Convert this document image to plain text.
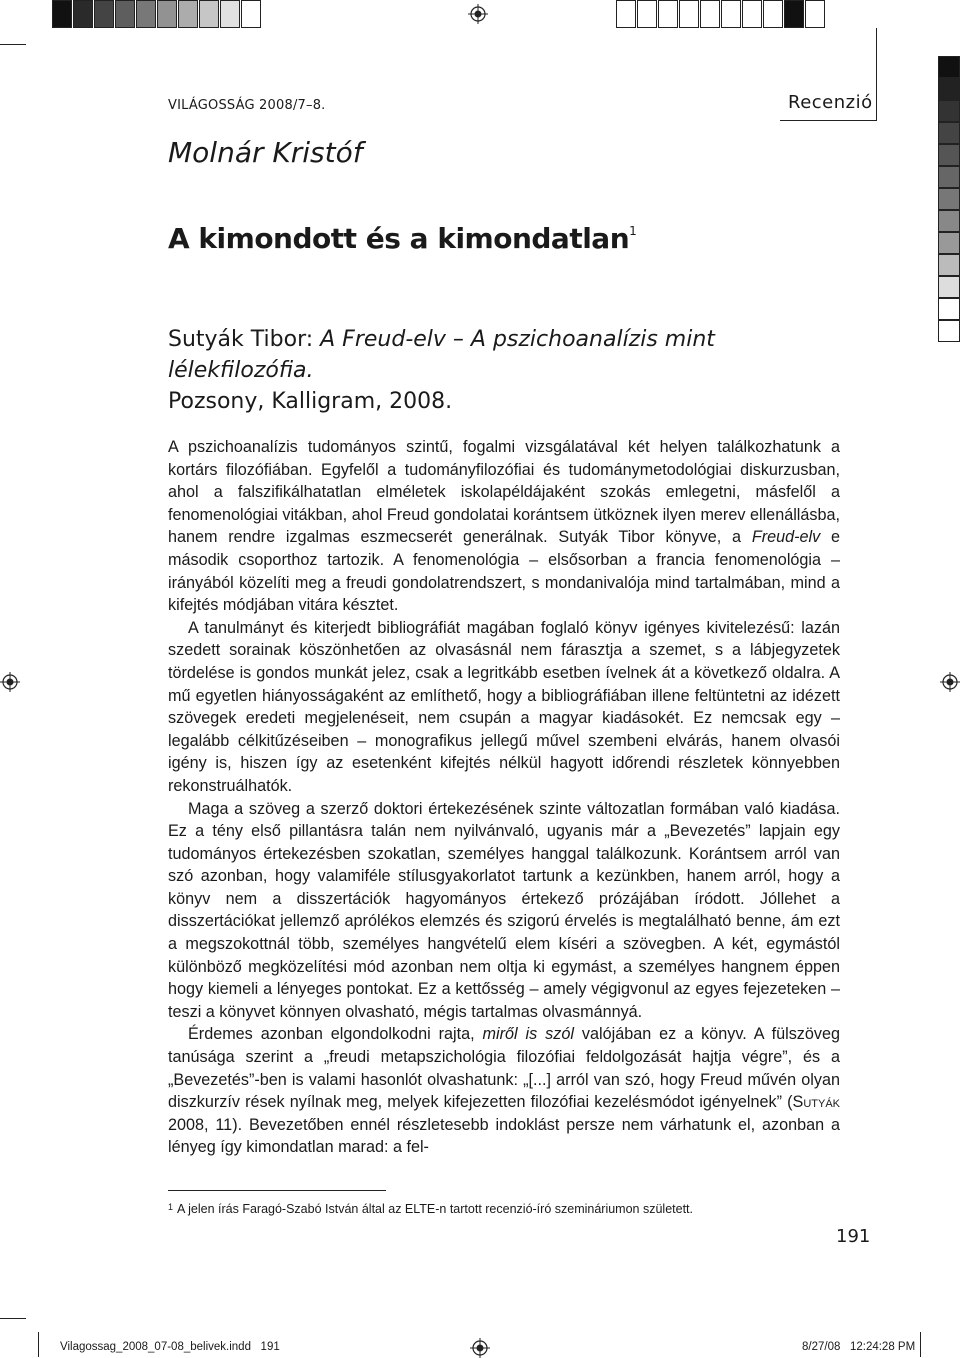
VILÁGOSSÁG 2008/7–8.	Recenzió
Molnár Kristóf
A kimondott és a kimondatlan$^1$
Sutyák Tibor: A Freud-elv – A pszichoanalízis mint lélekfilozófia.
Pozsony, Kalligram, 2008.

A pszichoanalízis tudományos szintű, fogalmi vizsgálatával két helyen találkozhatunk a kortárs filozófiában. Egyfelől a tudományfilozófiai és tudománymetodológiai diskurzusban, ahol a falszifikálhatatlan elméletek iskolapéldájaként szokás emlegetni, másfelől a fenomenológiai vitákban, ahol Freud gondolatai korántsem ütköznek ilyen merev ellenállásba, hanem rendre izgalmas eszmecserét generálnak. Sutyák Tibor könyve, a Freud-elv e második csoporthoz tartozik. A fenomenológia – elsősorban a francia fenomenológia – irányából közelíti meg a freudi gondolatrendszert, s mondanivalója mind tartalmában, mind a kifejtés módjában vitára késztet.

A tanulmányt és kiterjedt bibliográfiát magában foglaló könyv igényes kivitelezésű: lazán szedett sorainak köszönhetően az olvasásnál nem fárasztja a szemet, s a lábjegyzetek tördelése is gondos munkát jelez, csak a legritkább esetben ívelnek át a következő oldalra. A mű egyetlen hiányosságaként az említhető, hogy a bibliográfiában illene feltüntetni az idézett szövegek eredeti megjelenéseit, nem csupán a magyar kiadásokét. Ez nemcsak egy – legalább célkitűzéseiben – monografikus jellegű művel szembeni elvárás, hanem olvasói igény is, hiszen így az esetenként kifejtés nélkül hagyott időrendi részletek könnyebben rekonstruálhatók.

Maga a szöveg a szerző doktori értekezésének szinte változatlan formában való kiadása. Ez a tény első pillantásra talán nem nyilvánvaló, ugyanis már a „Bevezetés” lapjain egy tudományos értekezésben szokatlan, személyes hanggal találkozunk. Korántsem arról van szó azonban, hogy valamiféle stílusgyakorlatot tartunk a kezünkben, hanem arról, hogy a könyv nem a disszertációk hagyományos értekező prózájában íródott. Jóllehet a disszertációkat jellemző aprólékos elemzés és szigorú érvelés is megtalálható benne, ám ezt a megszokottnál több, személyes hangvételű elem kíséri a szövegben. A két, egymástól különböző megközelítési mód azonban nem oltja ki egymást, a személyes hangnem éppen hogy kiemeli a lényeges pontokat. Ez a kettősség – amely végigvonul az egyes fejezeteken – teszi a könyvet könnyen olvasható, mégis tartalmas olvasmánnyá.

Érdemes azonban elgondolkodni rajta, miről is szól valójában ez a könyv. A fülszöveg tanúsága szerint a „freudi metapszichológia filozófiai feldolgozását hajtja végre”, és a „Bevezetés”-ben is valami hasonlót olvashatunk: „[...] arról van szó, hogy Freud művén olyan diszkurzív rések nyílnak meg, melyek kifejezetten filozófiai kezelésmódot igényelnek” (Sutyák 2008, 11). Bevezetőben ennél részletesebb indoklást persze nem várhatunk el, azonban a lényeg így kimondatlan marad: a fel-

$^1$ A jelen írás Faragó-Szabó István által az ELTE-n tartott recenzió-író szemináriumon született.
191
Vilagossag_2008_07-08_belivek.indd   191	8/27/08   12:24:28 PM
